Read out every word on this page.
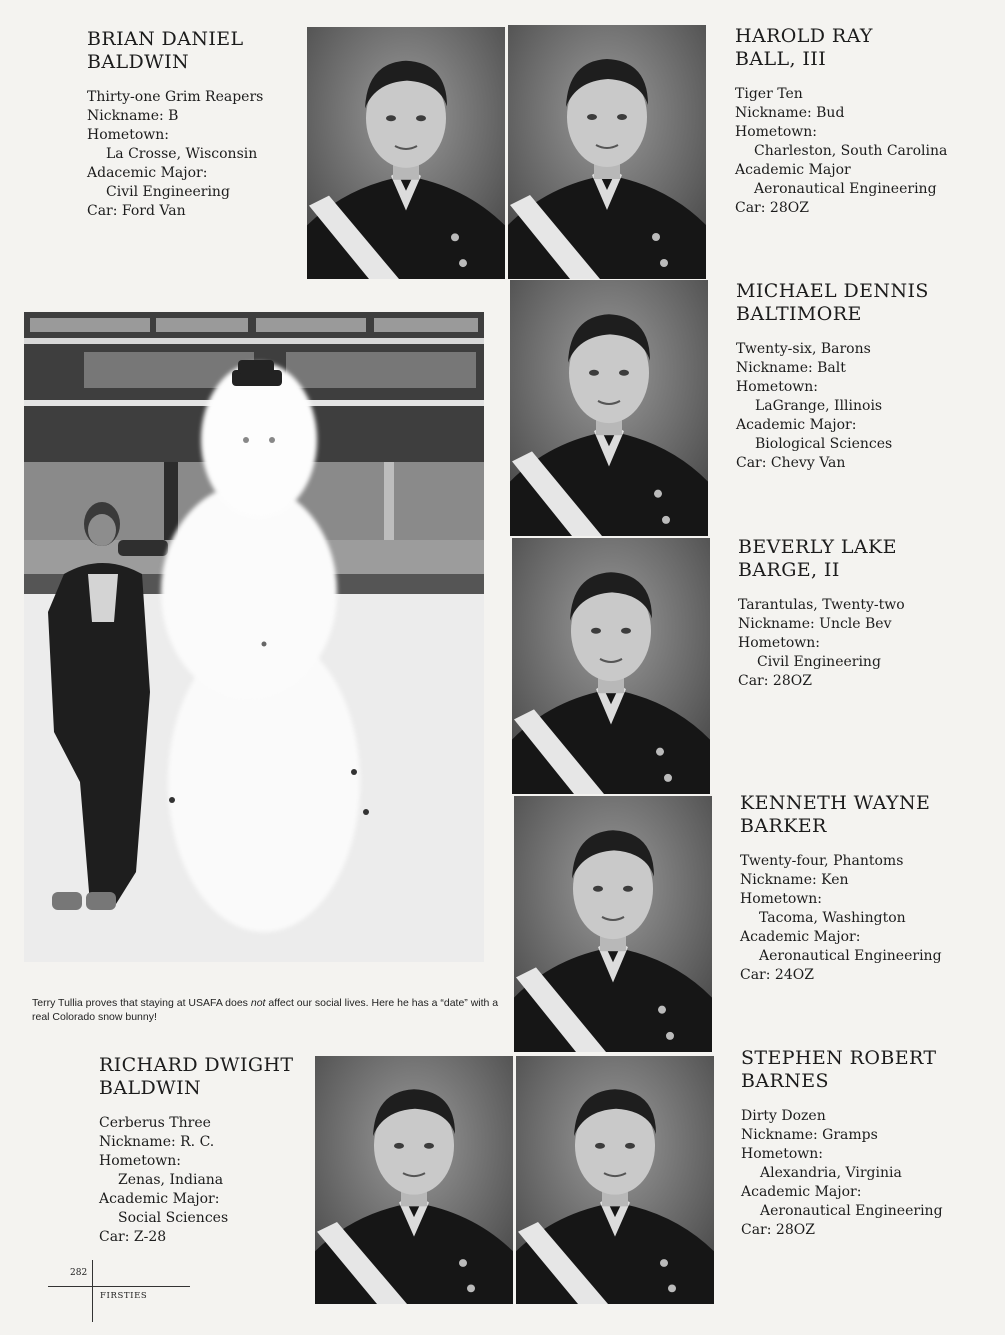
BRIAN DANIEL
BALDWIN
Thirty-one Grim Reapers
Nickname: B
Hometown:
La Crosse, Wisconsin
Adacemic Major:
Civil Engineering
Car: Ford Van
HAROLD RAY
BALL, III
Tiger Ten
Nickname: Bud
Hometown:
Charleston, South Carolina
Academic Major
Aeronautical Engineering
Car: 28OZ
MICHAEL DENNIS
BALTIMORE
Twenty-six, Barons
Nickname: Balt
Hometown:
LaGrange, Illinois
Academic Major:
Biological Sciences
Car: Chevy Van
BEVERLY LAKE
BARGE, II
Tarantulas, Twenty-two
Nickname: Uncle Bev
Hometown:
Civil Engineering
Car: 28OZ
KENNETH WAYNE
BARKER
Twenty-four, Phantoms
Nickname: Ken
Hometown:
Tacoma, Washington
Academic Major:
Aeronautical Engineering
Car: 24OZ
RICHARD DWIGHT
BALDWIN
Cerberus Three
Nickname: R. C.
Hometown:
Zenas, Indiana
Academic Major:
Social Sciences
Car: Z-28
STEPHEN ROBERT
BARNES
Dirty Dozen
Nickname: Gramps
Hometown:
Alexandria, Virginia
Academic Major:
Aeronautical Engineering
Car: 28OZ
Terry Tullia proves that staying at USAFA does not affect our social lives. Here he has a “date” with a real Colorado snow bunny!
282
FIRSTIES
